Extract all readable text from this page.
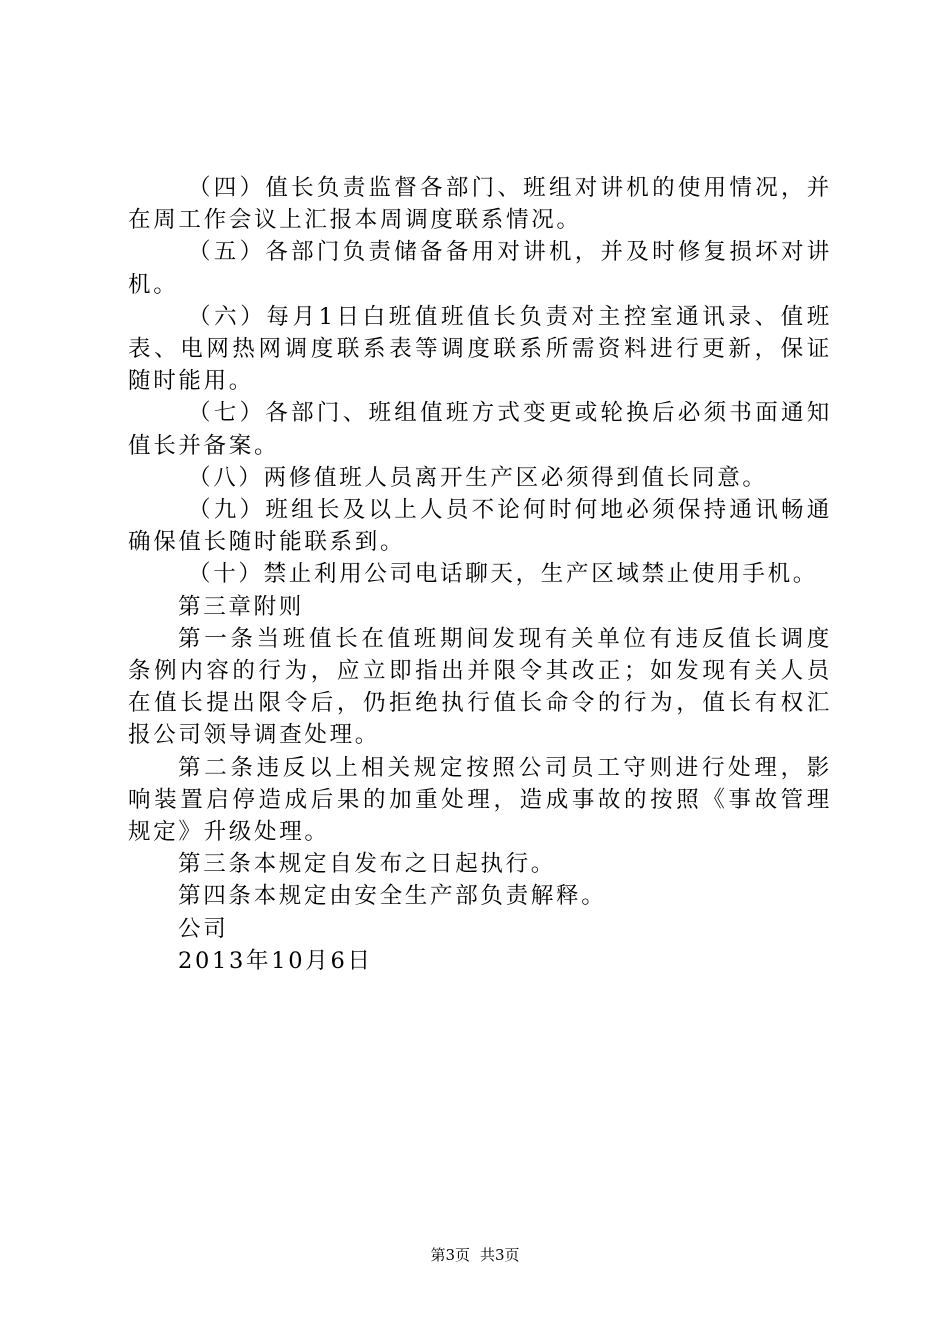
（四）值长负责监督各部门、班组对讲机的使用情况，并在周工作会议上汇报本周调度联系情况。

（五）各部门负责储备备用对讲机，并及时修复损坏对讲机。

（六）每月1日白班值班值长负责对主控室通讯录、值班表、电网热网调度联系表等调度联系所需资料进行更新，保证随时能用。

（七）各部门、班组值班方式变更或轮换后必须书面通知值长并备案。

（八）两修值班人员离开生产区必须得到值长同意。

（九）班组长及以上人员不论何时何地必须保持通讯畅通确保值长随时能联系到。

（十）禁止利用公司电话聊天，生产区域禁止使用手机。

第三章附则

第一条当班值长在值班期间发现有关单位有违反值长调度条例内容的行为，应立即指出并限令其改正；如发现有关人员在值长提出限令后，仍拒绝执行值长命令的行为，值长有权汇报公司领导调查处理。

第二条违反以上相关规定按照公司员工守则进行处理，影响装置启停造成后果的加重处理，造成事故的按照《事故管理规定》升级处理。

第三条本规定自发布之日起执行。

第四条本规定由安全生产部负责解释。

公司

2013年10月6日

第3页 共3页
